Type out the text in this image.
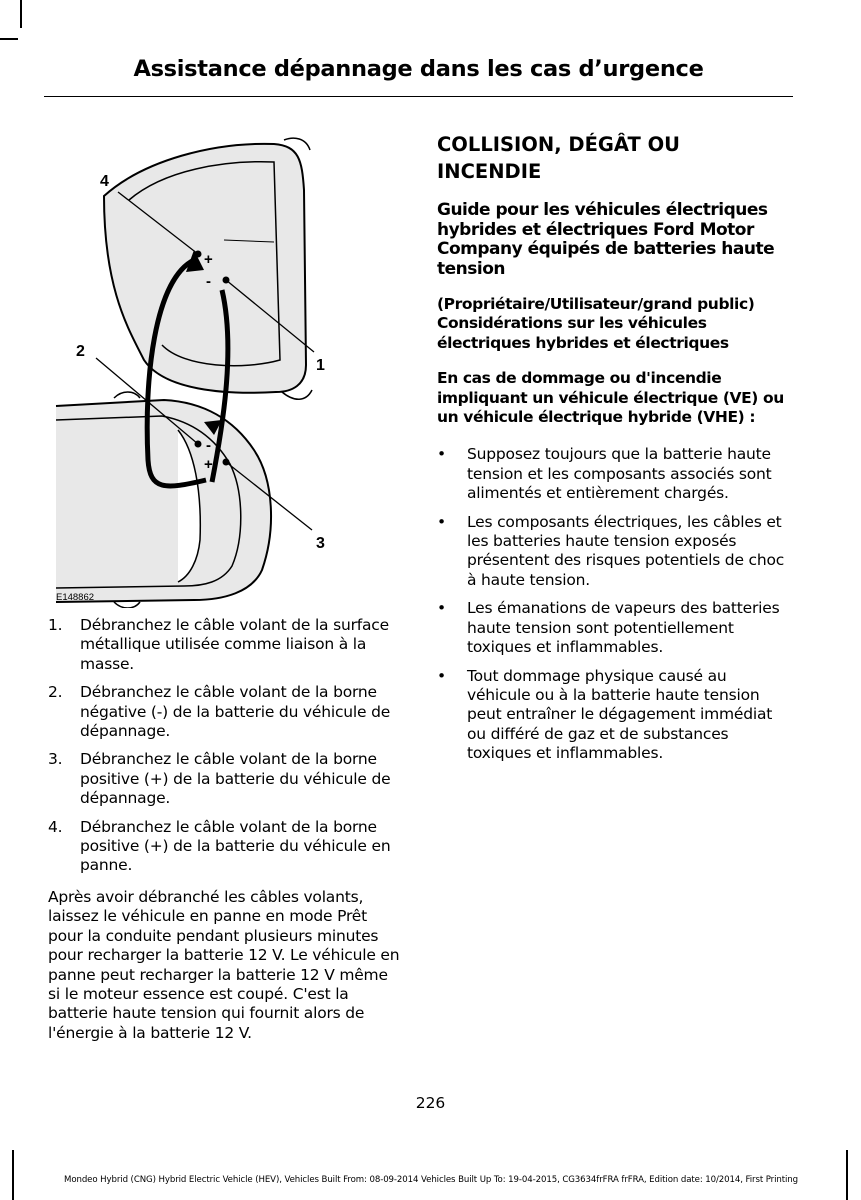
Assistance dépannage dans les cas d’urgence
+
-
-
+
4
1
2
3
E148862
1. Débranchez le câble volant de la surface métallique utilisée comme liaison à la masse.
2. Débranchez le câble volant de la borne négative (-) de la batterie du véhicule de dépannage.
3. Débranchez le câble volant de la borne positive (+) de la batterie du véhicule de dépannage.
4. Débranchez le câble volant de la borne positive (+) de la batterie du véhicule en panne.

Après avoir débranché les câbles volants, laissez le véhicule en panne en mode Prêt pour la conduite pendant plusieurs minutes pour recharger la batterie 12 V. Le véhicule en panne peut recharger la batterie 12 V même si le moteur essence est coupé. C'est la batterie haute tension qui fournit alors de l'énergie à la batterie 12 V.

COLLISION, DÉGÂT OU INCENDIE
Guide pour les véhicules électriques hybrides et électriques Ford Motor Company équipés de batteries haute tension
(Propriétaire/Utilisateur/grand public)
Considérations sur les véhicules électriques hybrides et électriques
En cas de dommage ou d'incendie impliquant un véhicule électrique (VE) ou un véhicule électrique hybride (VHE) :
• Supposez toujours que la batterie haute tension et les composants associés sont alimentés et entièrement chargés.
• Les composants électriques, les câbles et les batteries haute tension exposés présentent des risques potentiels de choc à haute tension.
• Les émanations de vapeurs des batteries haute tension sont potentiellement toxiques et inflammables.
• Tout dommage physique causé au véhicule ou à la batterie haute tension peut entraîner le dégagement immédiat ou différé de gaz et de substances toxiques et inflammables.
226
Mondeo Hybrid (CNG) Hybrid Electric Vehicle (HEV), Vehicles Built From: 08-09-2014 Vehicles Built Up To: 19-04-2015, CG3634frFRA frFRA, Edition date: 10/2014, First Printing
